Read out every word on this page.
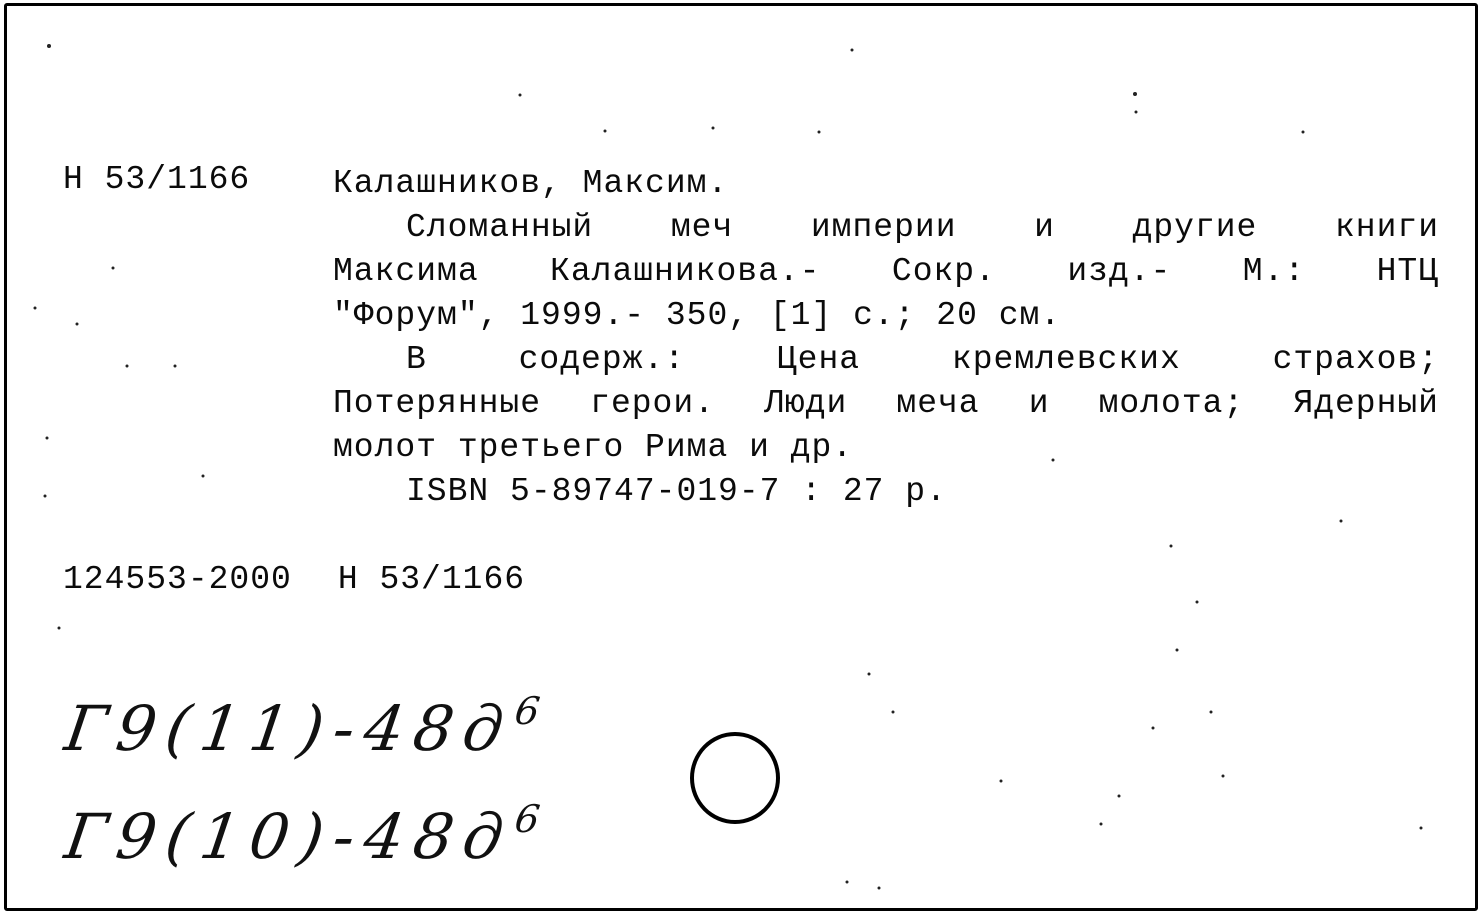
Н 53/1166	Калашников, Максим.
Сломанный меч империи и другие книги
Максима Калашникова.- Сокр. изд.- М.: НТЦ
"Форум", 1999.- 350, [1] с.; 20 см.
В содерж.: Цена кремлевских страхов;
Потерянные герои. Люди меча и молота; Ядерный
молот третьего Рима и др.
ISBN 5-89747-019-7 : 27 р.
124553-2000 Н 53/1166
$Г9(11)-48д^6$
$Г9(10)-48д^6$
